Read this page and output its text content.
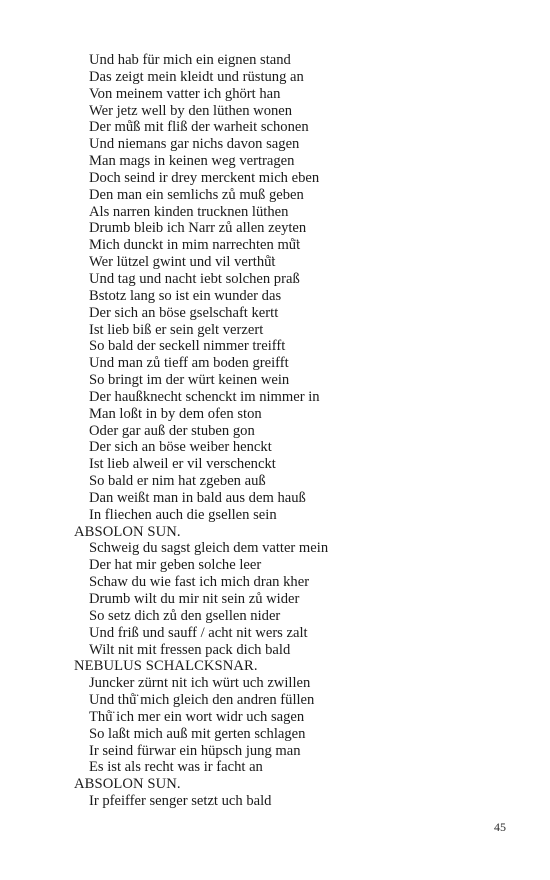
Und hab für mich ein eignen stand
Das zeigt mein kleidt und rüstung an
Von meinem vatter ich ghört han
Wer jetz well by den lüthen wonen
Der mů̈ß mit fliß der warheit schonen
Und niemans gar nichs davon sagen
Man mags in keinen weg vertragen
Doch seind ir drey merckent mich eben
Den man ein semlichs zů muß geben
Als narren kinden trucknen lüthen
Drumb bleib ich Narr zů allen zeyten
Mich dunckt in mim narrechten mů̈t
Wer lützel gwint und vil verthů̈t
Und tag und nacht iebt solchen praß
Bstotz lang so ist ein wunder das
Der sich an böse gselschaft kertt
Ist lieb biß er sein gelt verzert
So bald der seckell nimmer treifft
Und man zů tieff am boden greifft
So bringt im der würt keinen wein
Der haußknecht schenckt im nimmer in
Man loßt in by dem ofen ston
Oder gar auß der stuben gon
Der sich an böse weiber henckt
Ist lieb alweil er vil verschenckt
So bald er nim hat zgeben auß
Dan weißt man in bald aus dem hauß
In fliechen auch die gsellen sein
ABSOLON SUN.
Schweig du sagst gleich dem vatter mein
Der hat mir geben solche leer
Schaw du wie fast ich mich dran kher
Drumb wilt du mir nit sein zů wider
So setz dich zů den gsellen nider
Und friß und sauff / acht nit wers zalt
Wilt nit mit fressen pack dich bald
NEBULUS SCHALCKSNAR.
Juncker zürnt nit ich würt uch zwillen
Und thů̈ mich gleich den andren füllen
Thů̈ ich mer ein wort widr uch sagen
So laßt mich auß mit gerten schlagen
Ir seind fürwar ein hüpsch jung man
Es ist als recht was ir facht an
ABSOLON SUN.
Ir pfeiffer senger setzt uch bald
45
